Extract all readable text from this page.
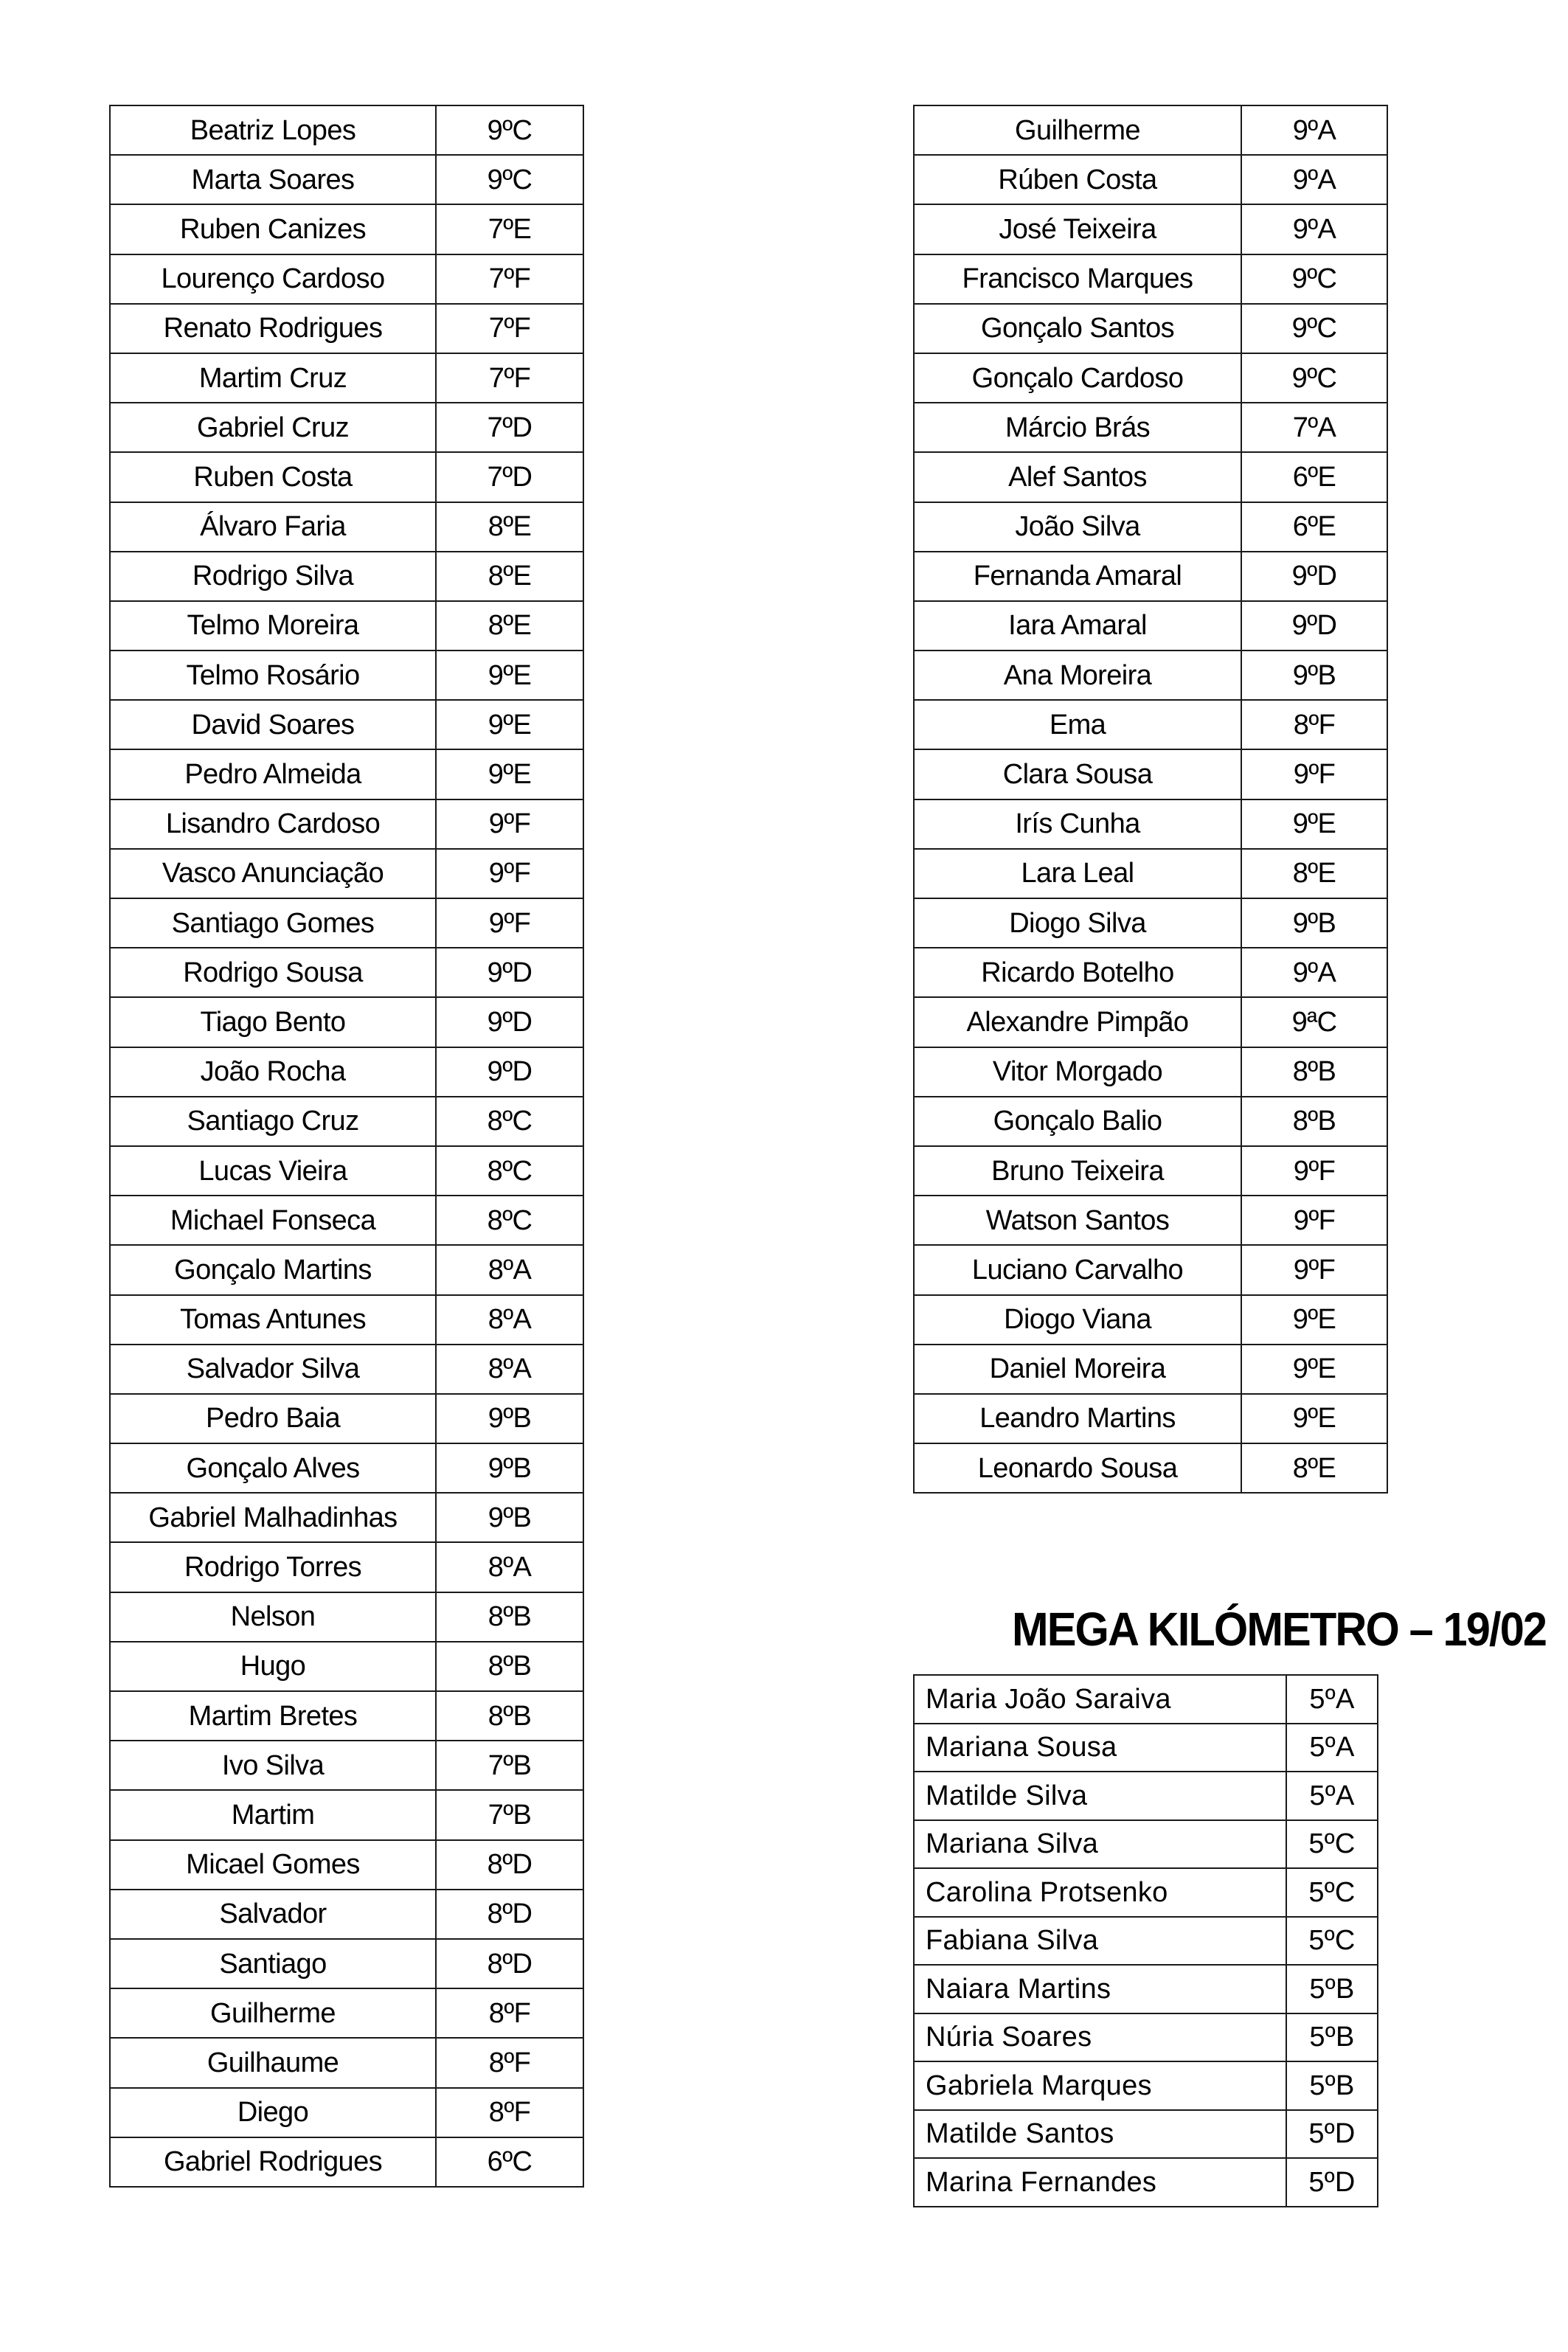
Beatriz Lopes	9ºC
Marta Soares	9ºC
Ruben Canizes	7ºE
Lourenço Cardoso	7ºF
Renato Rodrigues	7ºF
Martim Cruz	7ºF
Gabriel Cruz	7ºD
Ruben Costa	7ºD
Álvaro Faria	8ºE
Rodrigo Silva	8ºE
Telmo Moreira	8ºE
Telmo Rosário	9ºE
David Soares	9ºE
Pedro Almeida	9ºE
Lisandro Cardoso	9ºF
Vasco Anunciação	9ºF
Santiago Gomes	9ºF
Rodrigo Sousa	9ºD
Tiago Bento	9ºD
João Rocha	9ºD
Santiago Cruz	8ºC
Lucas Vieira	8ºC
Michael Fonseca	8ºC
Gonçalo Martins	8ºA
Tomas Antunes	8ºA
Salvador Silva	8ºA
Pedro Baia	9ºB
Gonçalo Alves	9ºB
Gabriel Malhadinhas	9ºB
Rodrigo Torres	8ºA
Nelson	8ºB
Hugo	8ºB
Martim Bretes	8ºB
Ivo Silva	7ºB
Martim	7ºB
Micael Gomes	8ºD
Salvador	8ºD
Santiago	8ºD
Guilherme	8ºF
Guilhaume	8ºF
Diego	8ºF
Gabriel Rodrigues	6ºC
Guilherme	9ºA
Rúben Costa	9ºA
José Teixeira	9ºA
Francisco Marques	9ºC
Gonçalo Santos	9ºC
Gonçalo Cardoso	9ºC
Márcio Brás	7ºA
Alef Santos	6ºE
João Silva	6ºE
Fernanda Amaral	9ºD
Iara Amaral	9ºD
Ana Moreira	9ºB
Ema	8ºF
Clara Sousa	9ºF
Irís Cunha	9ºE
Lara Leal	8ºE
Diogo Silva	9ºB
Ricardo Botelho	9ºA
Alexandre Pimpão	9ªC
Vitor Morgado	8ºB
Gonçalo Balio	8ºB
Bruno Teixeira	9ºF
Watson Santos	9ºF
Luciano Carvalho	9ºF
Diogo Viana	9ºE
Daniel Moreira	9ºE
Leandro Martins	9ºE
Leonardo Sousa	8ºE
MEGA KILÓMETRO – 19/02
Maria João Saraiva	5ºA
Mariana Sousa	5ºA
Matilde Silva	5ºA
Mariana Silva	5ºC
Carolina Protsenko	5ºC
Fabiana Silva	5ºC
Naiara Martins	5ºB
Núria Soares	5ºB
Gabriela Marques	5ºB
Matilde Santos	5ºD
Marina Fernandes	5ºD
